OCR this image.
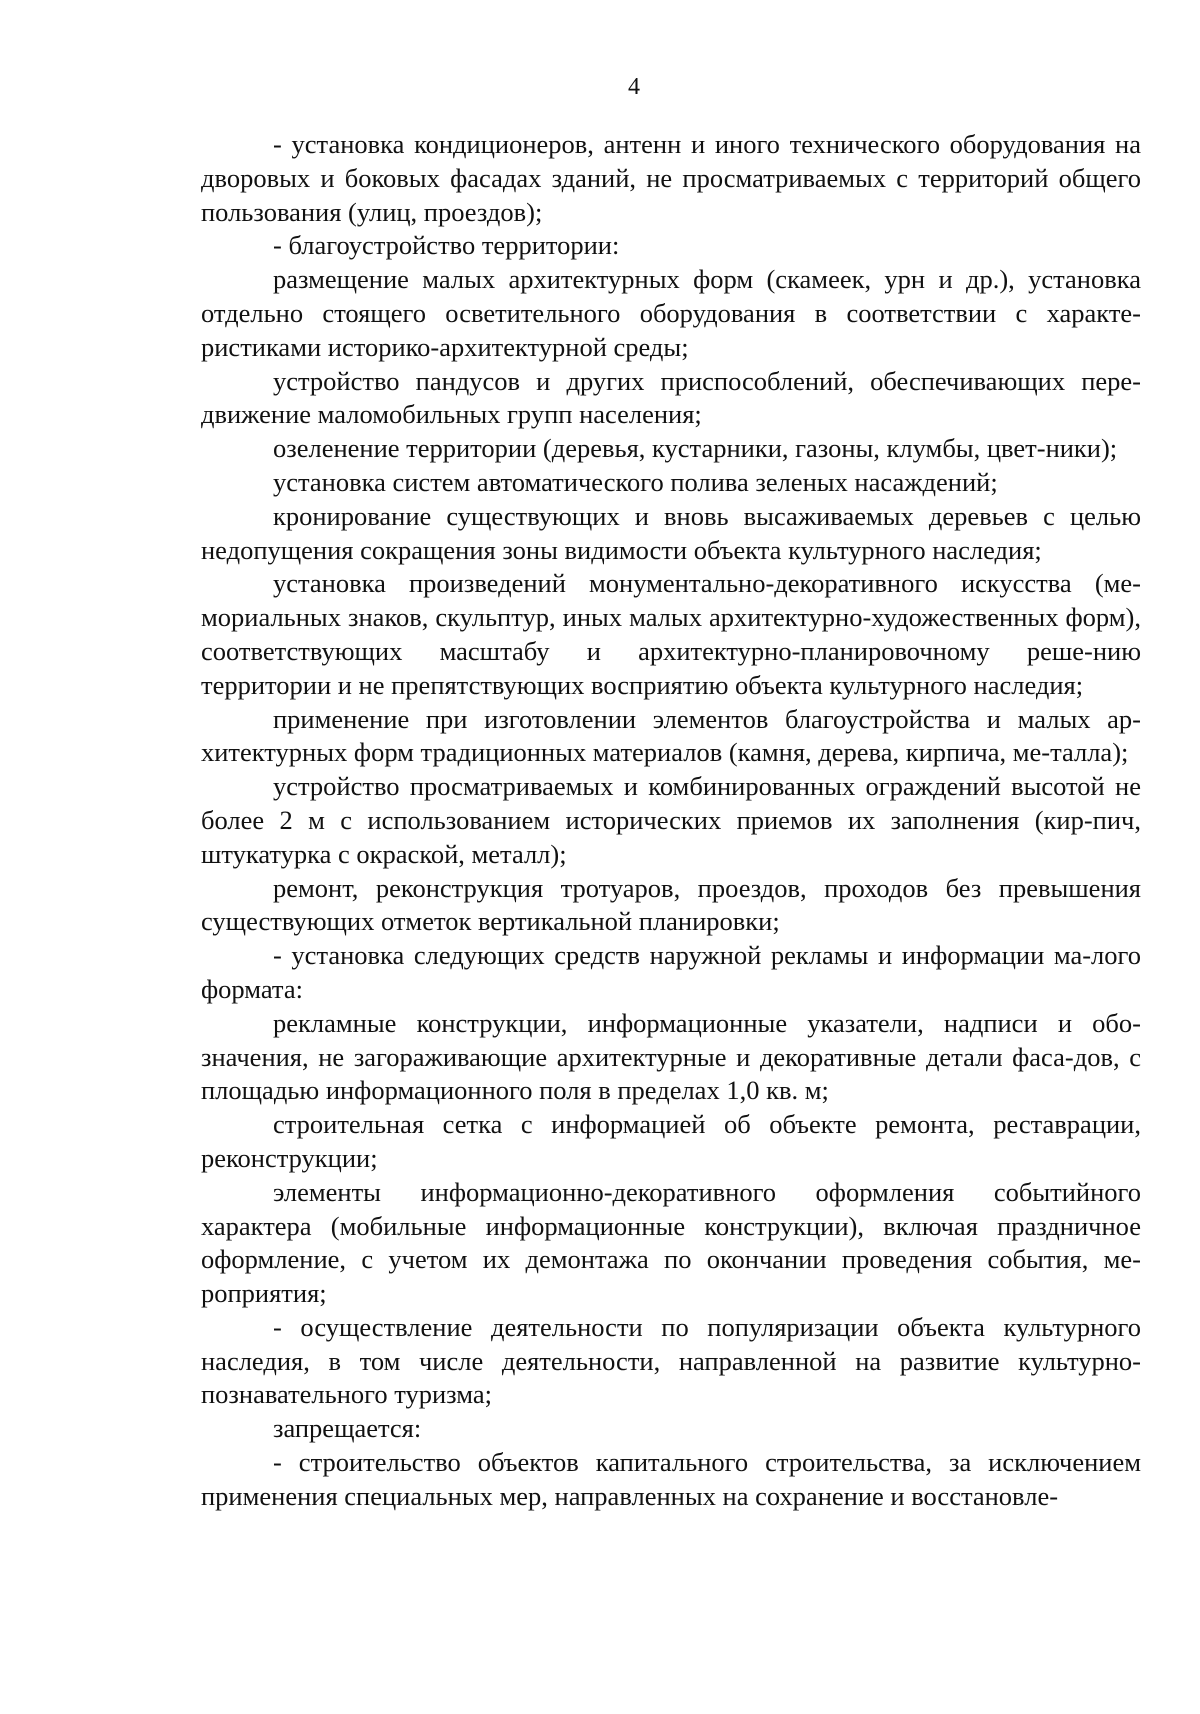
4

- установка кондиционеров, антенн и иного технического оборудования на дворовых и боковых фасадах зданий, не просматриваемых с территорий общего пользования (улиц, проездов);

- благоустройство территории:

размещение малых архитектурных форм (скамеек, урн и др.), установка отдельно стоящего осветительного оборудования в соответствии с характе-ристиками историко-архитектурной среды;

устройство пандусов и других приспособлений, обеспечивающих пере-движение маломобильных групп населения;

озеленение территории (деревья, кустарники, газоны, клумбы, цвет-ники);

установка систем автоматического полива зеленых насаждений;

кронирование существующих и вновь высаживаемых деревьев с целью недопущения сокращения зоны видимости объекта культурного наследия;

установка произведений монументально-декоративного искусства (ме-мориальных знаков, скульптур, иных малых архитектурно-художественных форм), соответствующих масштабу и архитектурно-планировочному реше-нию территории и не препятствующих восприятию объекта культурного наследия;

применение при изготовлении элементов благоустройства и малых ар-хитектурных форм традиционных материалов (камня, дерева, кирпича, ме-талла);

устройство просматриваемых и комбинированных ограждений высотой не более 2 м с использованием исторических приемов их заполнения (кир-пич, штукатурка с окраской, металл);

ремонт, реконструкция тротуаров, проездов, проходов без превышения существующих отметок вертикальной планировки;

- установка следующих средств наружной рекламы и информации ма-лого формата:

рекламные конструкции, информационные указатели, надписи и обо-значения, не загораживающие архитектурные и декоративные детали фаса-дов, с площадью информационного поля в пределах 1,0 кв. м;

строительная сетка с информацией об объекте ремонта, реставрации, реконструкции;

элементы информационно-декоративного оформления событийного характера (мобильные информационные конструкции), включая праздничное оформление, с учетом их демонтажа по окончании проведения события, ме-роприятия;

- осуществление деятельности по популяризации объекта культурного наследия, в том числе деятельности, направленной на развитие культурно-познавательного туризма;

запрещается:

- строительство объектов капитального строительства, за исключением применения специальных мер, направленных на сохранение и восстановле-
